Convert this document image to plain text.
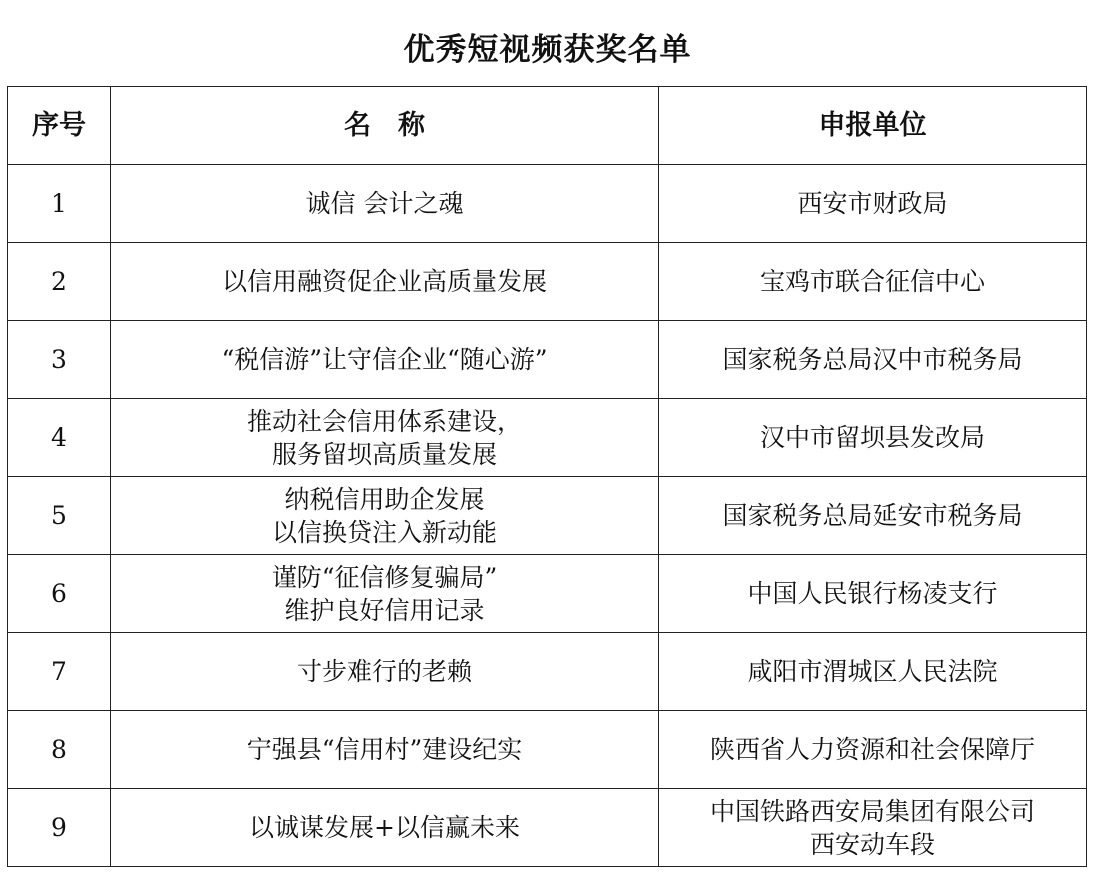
优秀短视频获奖名单
序号	名　称	申报单位
1	诚信 会计之魂	西安市财政局

2	以信用融资促企业高质量发展	宝鸡市联合征信中心

3	“税信游”让守信企业“随心游”	国家税务总局汉中市税务局

4	推动社会信用体系建设，
服务留坝高质量发展	汉中市留坝县发改局

5	纳税信用助企发展
以信换贷注入新动能	国家税务总局延安市税务局

6	谨防“征信修复骗局”
维护良好信用记录	中国人民银行杨凌支行

7	寸步难行的老赖	咸阳市渭城区人民法院

8	宁强县“信用村”建设纪实	陕西省人力资源和社会保障厅

9	以诚谋发展+以信赢未来	中国铁路西安局集团有限公司
西安动车段
